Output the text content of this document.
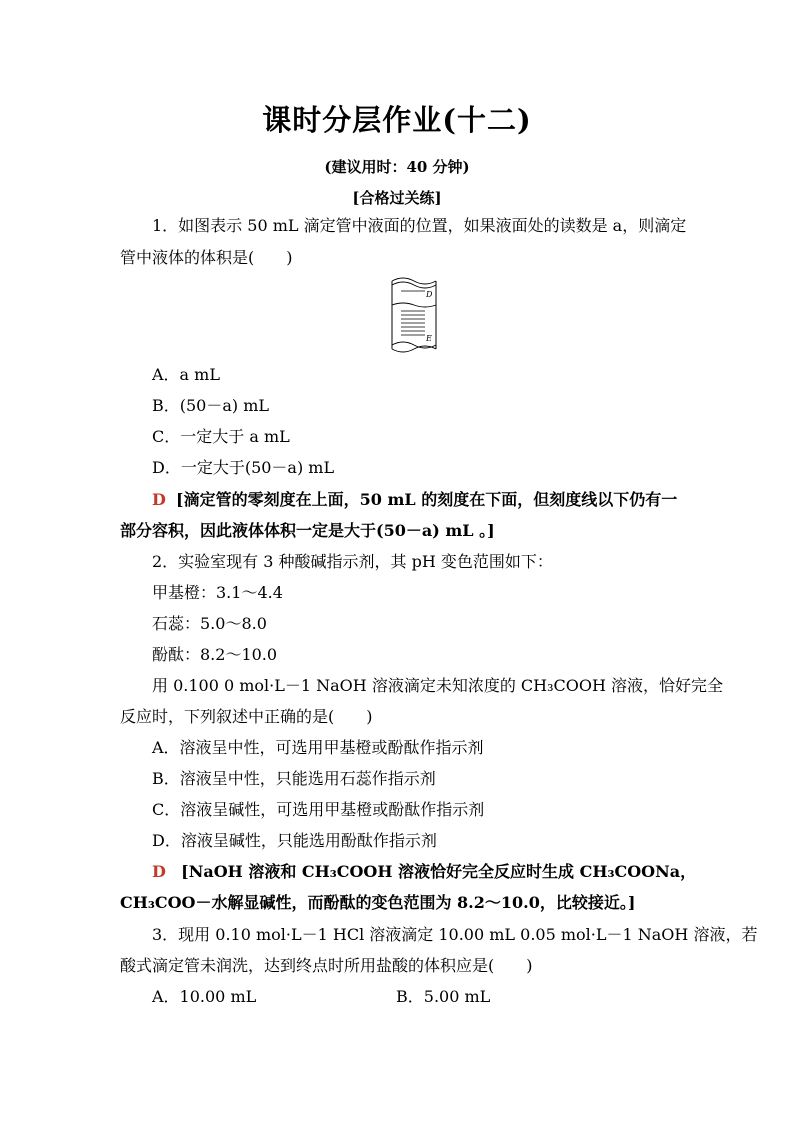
课时分层作业(十二)
(建议用时：40 分钟)
[合格过关练]
1．如图表示 50 mL 滴定管中液面的位置，如果液面处的读数是 a，则滴定
管中液体的体积是(　　)
D
E
A．a mL
B．(50－a) mL
C．一定大于 a mL
D．一定大于(50－a) mL
D [滴定管的零刻度在上面，50 mL 的刻度在下面，但刻度线以下仍有一
部分容积，因此液体体积一定是大于(50－a) mL 。]
2．实验室现有 3 种酸碱指示剂，其 pH 变色范围如下：
甲基橙：3.1～4.4
石蕊：5.0～8.0
酚酞：8.2～10.0
用 0.100 0 mol·L－1 NaOH 溶液滴定未知浓度的 CH₃COOH 溶液，恰好完全
反应时，下列叙述中正确的是(　　)
A．溶液呈中性，可选用甲基橙或酚酞作指示剂
B．溶液呈中性，只能选用石蕊作指示剂
C．溶液呈碱性，可选用甲基橙或酚酞作指示剂
D．溶液呈碱性，只能选用酚酞作指示剂
D [NaOH 溶液和 CH₃COOH 溶液恰好完全反应时生成 CH₃COONa，
CH₃COO－水解显碱性，而酚酞的变色范围为 8.2～10.0，比较接近。]
3．现用 0.10 mol·L－1 HCl 溶液滴定 10.00 mL 0.05 mol·L－1 NaOH 溶液，若
酸式滴定管未润洗，达到终点时所用盐酸的体积应是(　　)
A．10.00 mL	B．5.00 mL
